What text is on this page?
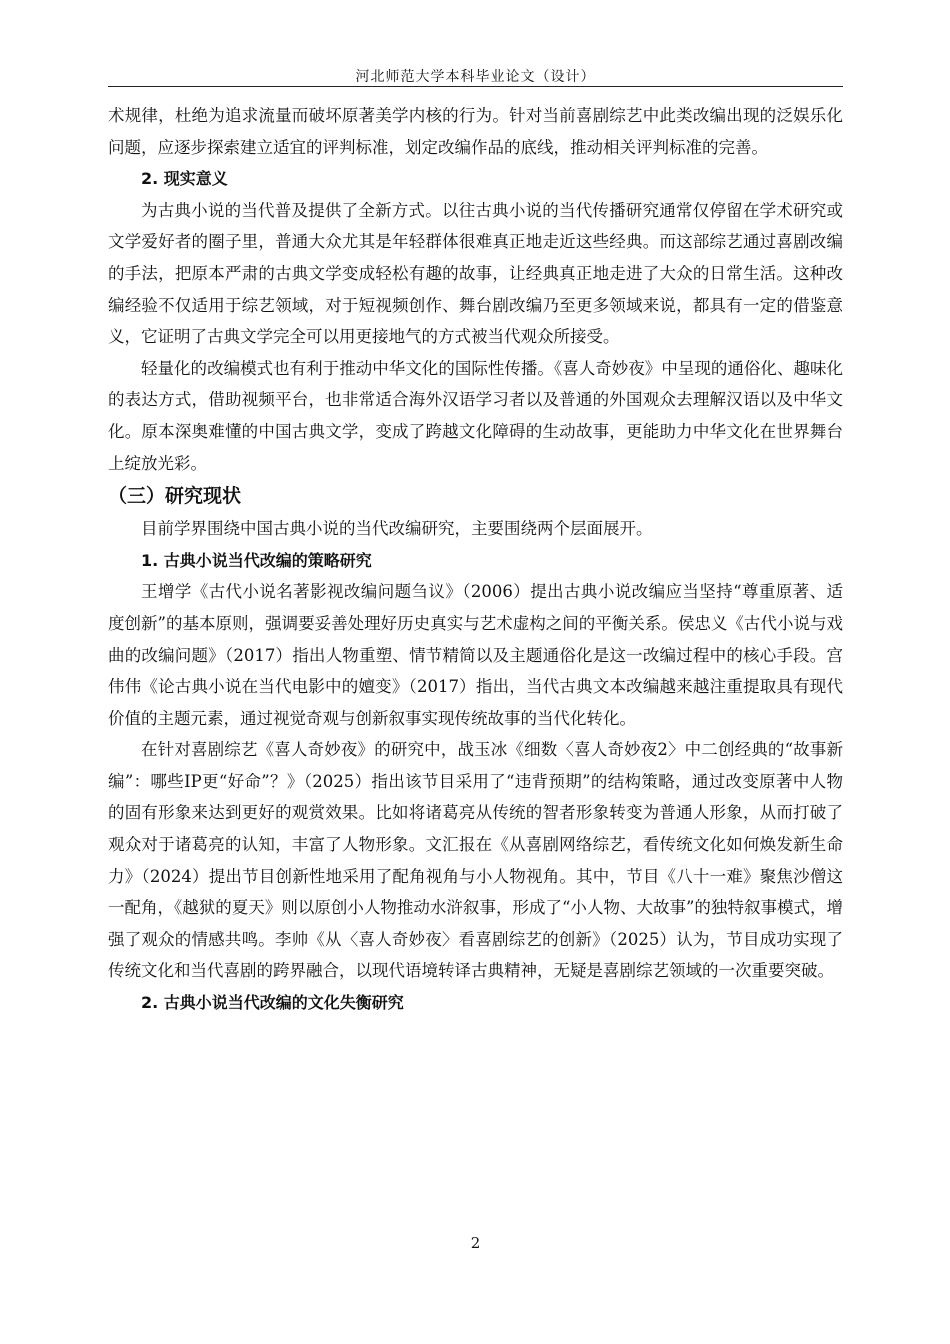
河北师范大学本科毕业论文（设计）

术规律，杜绝为追求流量而破坏原著美学内核的行为。针对当前喜剧综艺中此类改编出现的泛娱乐化问题，应逐步探索建立适宜的评判标准，划定改编作品的底线，推动相关评判标准的完善。

2. 现实意义

为古典小说的当代普及提供了全新方式。以往古典小说的当代传播研究通常仅停留在学术研究或文学爱好者的圈子里，普通大众尤其是年轻群体很难真正地走近这些经典。而这部综艺通过喜剧改编的手法，把原本严肃的古典文学变成轻松有趣的故事，让经典真正地走进了大众的日常生活。这种改编经验不仅适用于综艺领域，对于短视频创作、舞台剧改编乃至更多领域来说，都具有一定的借鉴意义，它证明了古典文学完全可以用更接地气的方式被当代观众所接受。

轻量化的改编模式也有利于推动中华文化的国际性传播。《喜人奇妙夜》中呈现的通俗化、趣味化的表达方式，借助视频平台，也非常适合海外汉语学习者以及普通的外国观众去理解汉语以及中华文化。原本深奥难懂的中国古典文学，变成了跨越文化障碍的生动故事，更能助力中华文化在世界舞台上绽放光彩。

（三）研究现状

目前学界围绕中国古典小说的当代改编研究，主要围绕两个层面展开。

1. 古典小说当代改编的策略研究

王增学《古代小说名著影视改编问题刍议》（2006）提出古典小说改编应当坚持“尊重原著、适度创新”的基本原则，强调要妥善处理好历史真实与艺术虚构之间的平衡关系。侯忠义《古代小说与戏曲的改编问题》（2017）指出人物重塑、情节精简以及主题通俗化是这一改编过程中的核心手段。宫伟伟《论古典小说在当代电影中的嬗变》（2017）指出，当代古典文本改编越来越注重提取具有现代价值的主题元素，通过视觉奇观与创新叙事实现传统故事的当代化转化。

在针对喜剧综艺《喜人奇妙夜》的研究中，战玉冰《细数〈喜人奇妙夜2〉中二创经典的“故事新编”：哪些IP更“好命”？》（2025）指出该节目采用了“违背预期”的结构策略，通过改变原著中人物的固有形象来达到更好的观赏效果。比如将诸葛亮从传统的智者形象转变为普通人形象，从而打破了观众对于诸葛亮的认知，丰富了人物形象。文汇报在《从喜剧网络综艺，看传统文化如何焕发新生命力》（2024）提出节目创新性地采用了配角视角与小人物视角。其中，节目《八十一难》聚焦沙僧这一配角，《越狱的夏天》则以原创小人物推动水浒叙事，形成了“小人物、大故事”的独特叙事模式，增强了观众的情感共鸣。李帅《从〈喜人奇妙夜〉看喜剧综艺的创新》（2025）认为，节目成功实现了传统文化和当代喜剧的跨界融合，以现代语境转译古典精神，无疑是喜剧综艺领域的一次重要突破。

2. 古典小说当代改编的文化失衡研究

2
